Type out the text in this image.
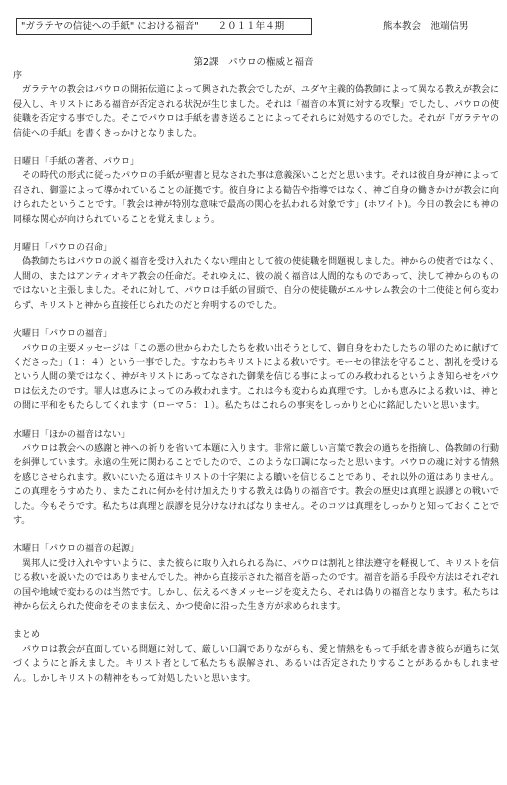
"ガラテヤの信徒への手紙" における福音"　　２０１１年４期	熊本教会　池端信男
第2課　パウロの権威と福音

序

　ガラテヤの教会はパウロの開拓伝道によって興された教会でしたが、ユダヤ主義的偽教師によって異なる教えが教会に侵入し、キリストにある福音が否定される状況が生じました。それは「福音の本質に対する攻撃」でしたし、パウロの使徒職を否定する事でした。そこでパウロは手紙を書き送ることによってそれらに対処するのでした。それが『ガラテヤの信徒への手紙』を書くきっかけとなりました。

日曜日「手紙の著者、パウロ」

　その時代の形式に従ったパウロの手紙が聖書と見なされた事は意義深いことだと思います。それは彼自身が神によって召され、御霊によって導かれていることの証拠です。彼自身による勧告や指導ではなく、神ご自身の働きかけが教会に向けられたということです。「教会は神が特別な意味で最高の関心を払われる対象です」(ホワイト)。今日の教会にも神の同様な関心が向けられていることを覚えましょう。

月曜日「パウロの召命」

　偽教師たちはパウロの説く福音を受け入れたくない理由として彼の使徒職を問題視しました。神からの使者ではなく、人間の、またはアンティオキア教会の任命だ。それゆえに、彼の説く福音は人間的なものであって、決して神からのものではないと主張しました。それに対して、パウロは手紙の冒頭で、自分の使徒職がエルサレム教会の十二使徒と何ら変わらず、キリストと神から直接任じられたのだと弁明するのでした。

火曜日「パウロの福音」

　パウロの主要メッセージは「この悪の世からわたしたちを救い出そうとして、御自身をわたしたちの罪のために献げてくださった」（１：４）という一事でした。すなわちキリストによる救いです。モーセの律法を守ること、割礼を受けるという人間の業ではなく、神がキリストにあってなされた御業を信じる事によってのみ救われるというよき知らせをパウロは伝えたのです。罪人は恵みによってのみ救われます。これは今も変わらぬ真理です。しかも恵みによる救いは、神との間に平和をもたらしてくれます（ローマ５：１）。私たちはこれらの事実をしっかりと心に銘記したいと思います。

水曜日「ほかの福音はない」

　パウロは教会への感謝と神への祈りを省いて本題に入ります。非常に厳しい言葉で教会の過ちを指摘し、偽教師の行動を糾弾しています。永遠の生死に関わることでしたので、このような口調になったと思います。パウロの魂に対する情熱を感じさせられます。救いにいたる道はキリストの十字架による贖いを信じることであり、それ以外の道はありません。この真理をうすめたり、またこれに何かを付け加えたりする教えは偽りの福音です。教会の歴史は真理と誤謬との戦いでした。今もそうです。私たちは真理と誤謬を見分けなければなりません。そのコツは真理をしっかりと知っておくことです。

木曜日「パウロの福音の起源」

　異邦人に受け入れやすいように、また彼らに取り入れられる為に、パウロは割礼と律法遵守を軽視して、キリストを信じる救いを説いたのではありませんでした。神から直接示された福音を語ったのです。福音を語る手段や方法はそれぞれの国や地域で変わるのは当然です。しかし、伝えるべきメッセージを変えたら、それは偽りの福音となります。私たちは神から伝えられた使命をそのまま伝え、かつ使命に沿った生き方が求められます。

まとめ

　パウロは教会が直面している問題に対して、厳しい口調でありながらも、愛と情熱をもって手紙を書き彼らが過ちに気づくようにと訴えました。キリスト者として私たちも誤解され、あるいは否定されたりすることがあるかもしれません。しかしキリストの精神をもって対処したいと思います。
